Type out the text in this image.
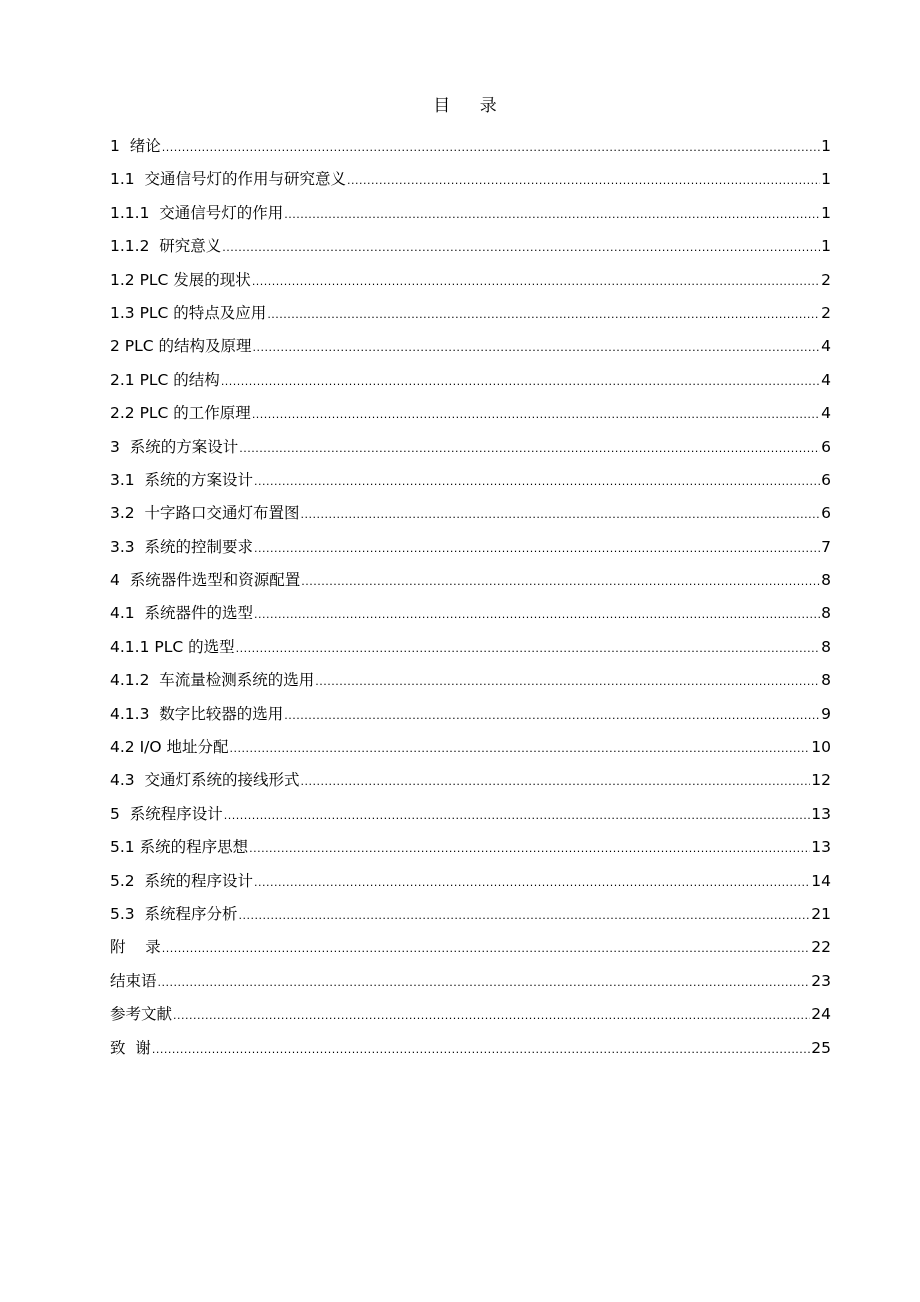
目 录
1  绪论 .....	1
1.1  交通信号灯的作用与研究意义 .....	1
1.1.1  交通信号灯的作用 .....	1
1.1.2  研究意义 .....	1
1.2 PLC 发展的现状 .....	2
1.3 PLC 的特点及应用 .....	2
2 PLC 的结构及原理 .....	4
2.1 PLC 的结构 .....	4
2.2 PLC 的工作原理 .....	4
3  系统的方案设计 .....	6
3.1  系统的方案设计 .....	6
3.2  十字路口交通灯布置图 .....	6
3.3  系统的控制要求 .....	7
4  系统器件选型和资源配置 .....	8
4.1  系统器件的选型 .....	8
4.1.1 PLC 的选型 .....	8
4.1.2  车流量检测系统的选用 .....	8
4.1.3  数字比较器的选用 .....	9
4.2 I/O 地址分配 .....	10
4.3  交通灯系统的接线形式 .....	12
5  系统程序设计 .....	13
5.1 系统的程序思想 .....	13
5.2  系统的程序设计 .....	14
5.3  系统程序分析 .....	21
附    录 .....	22
结束语 .....	23
参考文献 .....	24
致  谢 .....	25
